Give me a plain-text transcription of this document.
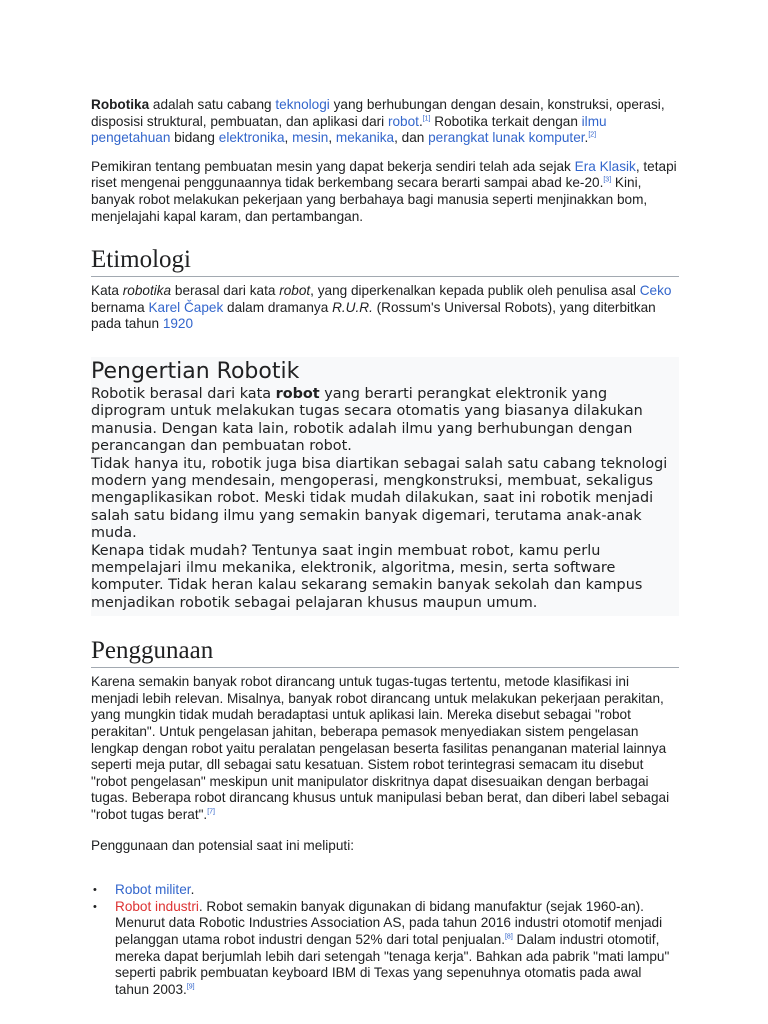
Robotika adalah satu cabang teknologi yang berhubungan dengan desain, konstruksi, operasi, disposisi struktural, pembuatan, dan aplikasi dari robot.[1] Robotika terkait dengan ilmu pengetahuan bidang elektronika, mesin, mekanika, dan perangkat lunak komputer.[2]

Pemikiran tentang pembuatan mesin yang dapat bekerja sendiri telah ada sejak Era Klasik, tetapi riset mengenai penggunaannya tidak berkembang secara berarti sampai abad ke-20.[3] Kini, banyak robot melakukan pekerjaan yang berbahaya bagi manusia seperti menjinakkan bom, menjelajahi kapal karam, dan pertambangan.

Etimologi

Kata robotika berasal dari kata robot, yang diperkenalkan kepada publik oleh penulisa asal Ceko bernama Karel Čapek dalam dramanya R.U.R. (Rossum's Universal Robots), yang diterbitkan pada tahun 1920

Pengertian Robotik
Robotik berasal dari kata robot yang berarti perangkat elektronik yang diprogram untuk melakukan tugas secara otomatis yang biasanya dilakukan manusia. Dengan kata lain, robotik adalah ilmu yang berhubungan dengan perancangan dan pembuatan robot.
Tidak hanya itu, robotik juga bisa diartikan sebagai salah satu cabang teknologi modern yang mendesain, mengoperasi, mengkonstruksi, membuat, sekaligus mengaplikasikan robot. Meski tidak mudah dilakukan, saat ini robotik menjadi salah satu bidang ilmu yang semakin banyak digemari, terutama anak-anak muda.
Kenapa tidak mudah? Tentunya saat ingin membuat robot, kamu perlu mempelajari ilmu mekanika, elektronik, algoritma, mesin, serta software komputer. Tidak heran kalau sekarang semakin banyak sekolah dan kampus menjadikan robotik sebagai pelajaran khusus maupun umum.
Penggunaan

Karena semakin banyak robot dirancang untuk tugas-tugas tertentu, metode klasifikasi ini menjadi lebih relevan. Misalnya, banyak robot dirancang untuk melakukan pekerjaan perakitan, yang mungkin tidak mudah beradaptasi untuk aplikasi lain. Mereka disebut sebagai "robot perakitan". Untuk pengelasan jahitan, beberapa pemasok menyediakan sistem pengelasan lengkap dengan robot yaitu peralatan pengelasan beserta fasilitas penanganan material lainnya seperti meja putar, dll sebagai satu kesatuan. Sistem robot terintegrasi semacam itu disebut "robot pengelasan" meskipun unit manipulator diskritnya dapat disesuaikan dengan berbagai tugas. Beberapa robot dirancang khusus untuk manipulasi beban berat, dan diberi label sebagai "robot tugas berat".[7]

Penggunaan dan potensial saat ini meliputi:

• Robot militer.
• Robot industri. Robot semakin banyak digunakan di bidang manufaktur (sejak 1960-an). Menurut data Robotic Industries Association AS, pada tahun 2016 industri otomotif menjadi pelanggan utama robot industri dengan 52% dari total penjualan.[8] Dalam industri otomotif, mereka dapat berjumlah lebih dari setengah "tenaga kerja". Bahkan ada pabrik "mati lampu" seperti pabrik pembuatan keyboard IBM di Texas yang sepenuhnya otomatis pada awal tahun 2003.[9]
